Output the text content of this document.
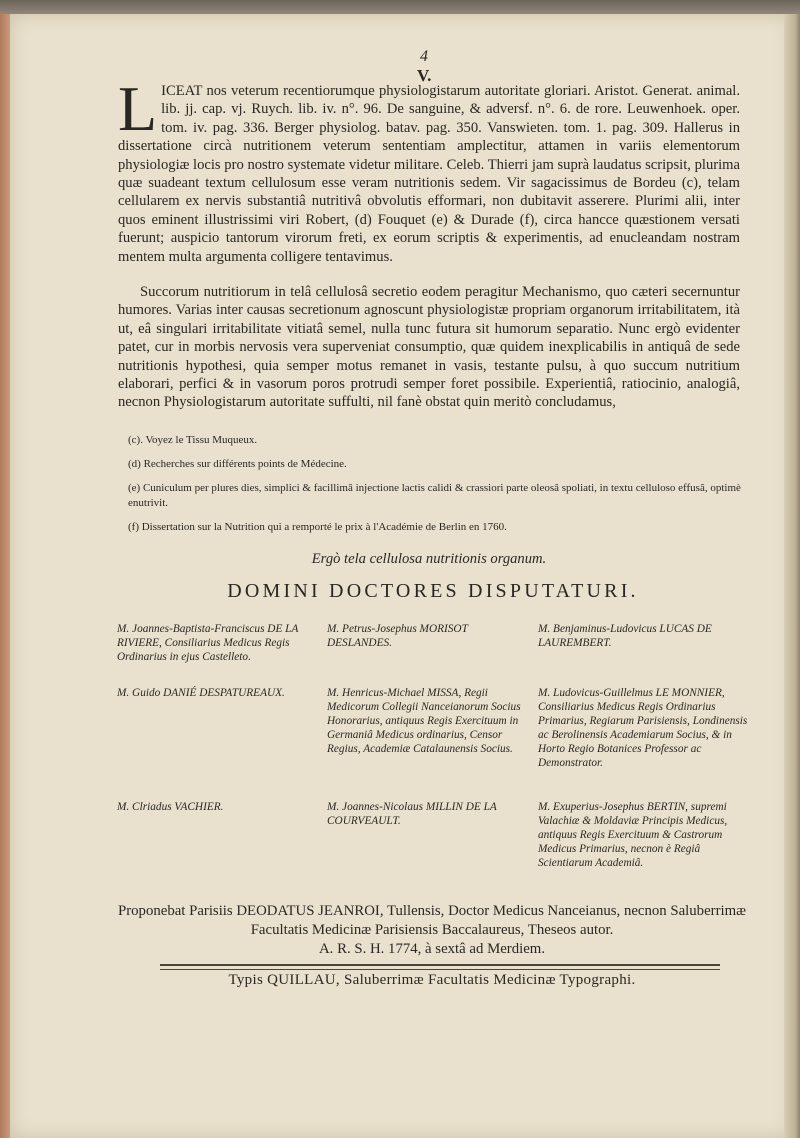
4
V.
LICEAT nos veterum recentiorumque physiologistarum autoritate gloriari. Aristot. Generat. animal. lib. jj. cap. vj. Ruych. lib. iv. n°. 96. De sanguine, & adversf. n°. 6. de rore. Leuwenhoek. oper. tom. iv. pag. 336. Berger physiolog. batav. pag. 350. Vanswieten. tom. 1. pag. 309. Hallerus in dissertatione circà nutritionem veterum sententiam amplectitur, attamen in variis elementorum physiologiæ locis pro nostro systemate videtur militare. Celeb. Thierri jam suprà laudatus scripsit, plurima quæ suadeant textum cellulosum esse veram nutritionis sedem. Vir sagacissimus de Bordeu (c), telam cellularem ex nervis substantiâ nutritivâ obvolutis efformari, non dubitavit asserere. Plurimi alii, inter quos eminent illustrissimi viri Robert, (d) Fouquet (e) & Durade (f), circa hancce quæstionem versati fuerunt; auspicio tantorum virorum freti, ex eorum scriptis & experimentis, ad enucleandam nostram mentem multa argumenta colligere tentavimus.
Succorum nutritiorum in telâ cellulosâ secretio eodem peragitur Mechanismo, quo cæteri secernuntur humores. Varias inter causas secretionum agnoscunt physiologistæ propriam organorum irritabilitatem, ità ut, eâ singulari irritabilitate vitiatâ semel, nulla tunc futura sit humorum separatio. Nunc ergò evidenter patet, cur in morbis nervosis vera superveniat consumptio, quæ quidem inexplicabilis in antiquâ de sede nutritionis hypothesi, quia semper motus remanet in vasis, testante pulsu, à quo succum nutritium elaborari, perfici & in vasorum poros protrudi semper foret possibile. Experientiâ, ratiocinio, analogiâ, necnon Physiologistarum autoritate suffulti, nil fanè obstat quin meritò concludamus,
(c). Voyez le Tissu Muqueux.
(d) Recherches sur différents points de Médecine.
(e) Cuniculum per plures dies, simplici & facillimâ injectione lactis calidi & crassiori parte oleosâ spoliati, in textu celluloso effusâ, optimè enutrivit.
(f) Dissertation sur la Nutrition qui a remporté le prix à l'Académie de Berlin en 1760.
Ergò tela cellulosa nutritionis organum.
DOMINI DOCTORES DISPUTATURI.
M. Joannes-Baptista-Franciscus DE LA RIVIERE, Consiliarius Medicus Regis Ordinarius in ejus Castelleto.
M. Guido DANIÉ DESPATUREAUX.
M. Clriadus VACHIER.
M. Petrus-Josephus MORISOT DESLANDES.
M. Henricus-Michael MISSA, Regii Medicorum Collegii Nanceianorum Socius Honorarius, antiquus Regis Exercituum in Germaniâ Medicus ordinarius, Censor Regius, Academiæ Catalaunensis Socius.
M. Joannes-Nicolaus MILLIN DE LA COURVEAULT.
M. Benjaminus-Ludovicus LUCAS DE LAUREMBERT.
M. Ludovicus-Guillelmus LE MONNIER, Consiliarius Medicus Regis Ordinarius Primarius, Regiarum Parisiensis, Londinensis ac Berolinensis Academiarum Socius, & in Horto Regio Botanices Professor ac Demonstrator.
M. Exuperius-Josephus BERTIN, supremi Valachiæ & Moldaviæ Principis Medicus, antiquus Regis Exercituum & Castrorum Medicus Primarius, necnon è Regiâ Scientiarum Academiâ.
Proponebat Parisiis DEODATUS JEANROI, Tullensis, Doctor Medicus Nanceianus, necnon Saluberrimæ Facultatis Medicinæ Parisiensis Baccalaureus, Theseos autor.
A. R. S. H. 1774, à sextâ ad Merdiem.
Typis QUILLAU, Saluberrimæ Facultatis Medicinæ Typographi.
